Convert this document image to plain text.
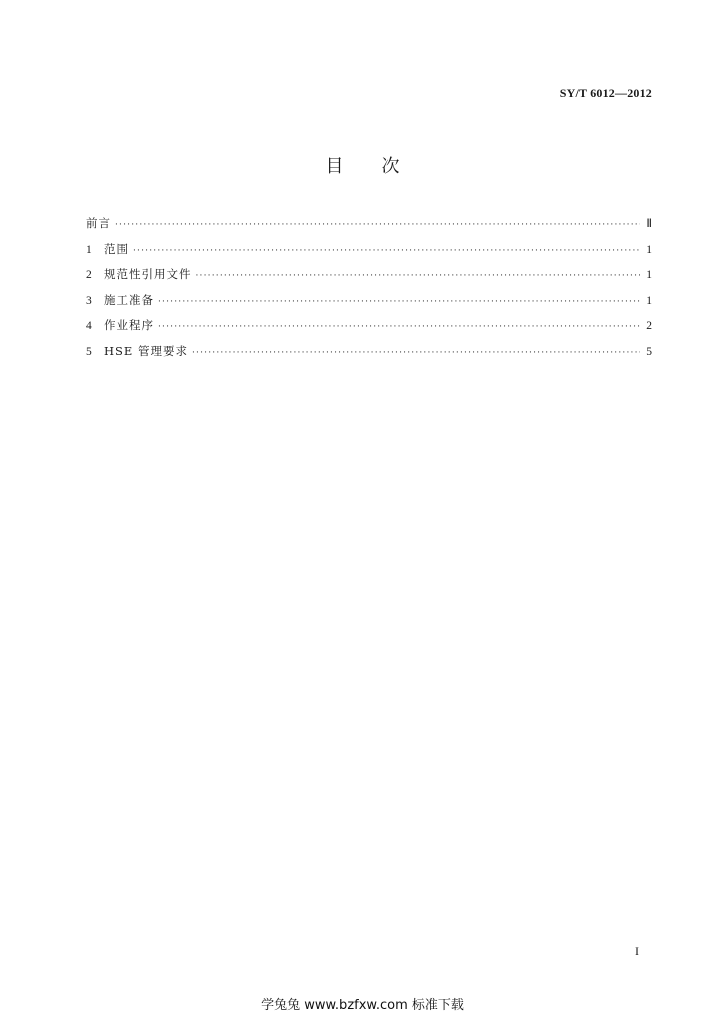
SY/T 6012—2012
目 次
前言 ·····	Ⅱ
1	范围 ·····	1
2	规范性引用文件 ·····	1
3	施工准备 ·····	1
4	作业程序 ·····	2
5	HSE 管理要求 ·····	5
I
学兔兔 www.bzfxw.com 标准下载
